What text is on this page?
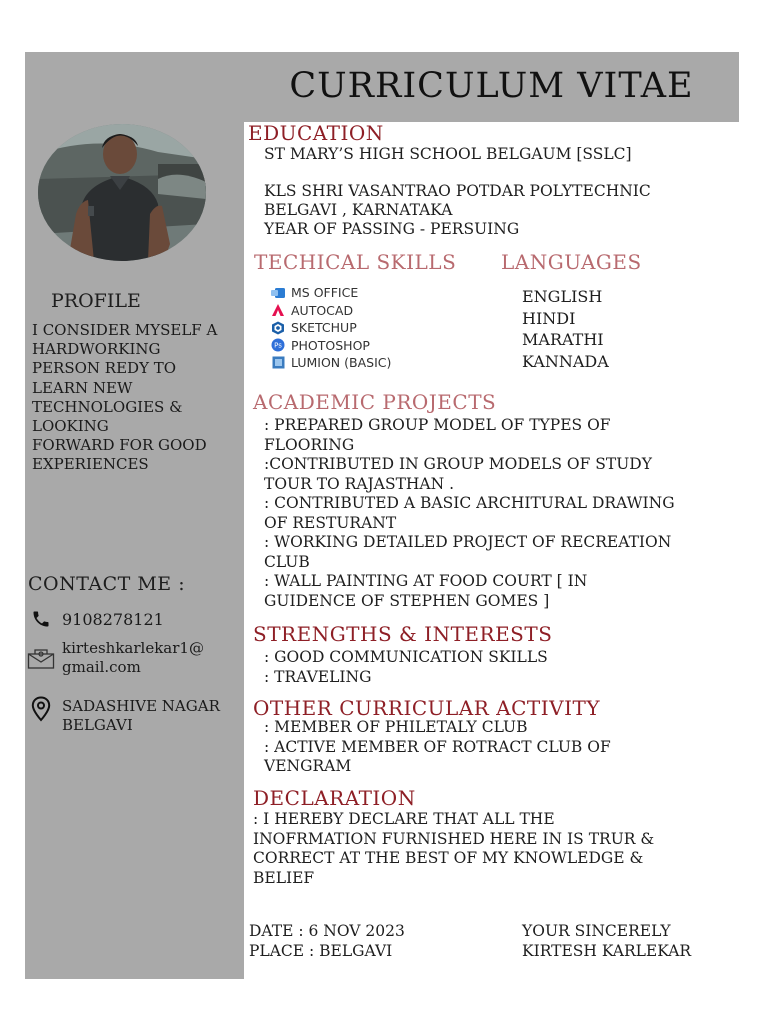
CURRICULUM VITAE
PROFILE
I CONSIDER MYSELF A
HARDWORKING
PERSON REDY TO
LEARN NEW
TECHNOLOGIES &
LOOKING
FORWARD FOR GOOD
EXPERIENCES
CONTACT ME :
9108278121
kirteshkarlekar1@
gmail.com
SADASHIVE NAGAR
BELGAVI
EDUCATION
ST MARY’S HIGH SCHOOL BELGAUM [SSLC]
KLS SHRI VASANTRAO POTDAR POLYTECHNIC
BELGAVI , KARNATAKA
YEAR OF PASSING - PERSUING
TECHICAL SKILLS
MS OFFICE
AUTOCAD
SKETCHUP
Ps PHOTOSHOP
LUMION (BASIC)
LANGUAGES
ENGLISH
HINDI
MARATHI
KANNADA
ACADEMIC PROJECTS
: PREPARED GROUP MODEL OF TYPES OF
FLOORING
:CONTRIBUTED IN GROUP MODELS OF STUDY
TOUR TO RAJASTHAN .
: CONTRIBUTED A BASIC ARCHITURAL DRAWING
OF RESTURANT
: WORKING DETAILED PROJECT OF RECREATION
CLUB
: WALL PAINTING AT FOOD COURT [ IN
GUIDENCE OF STEPHEN GOMES ]
STRENGTHS & INTERESTS
: GOOD COMMUNICATION SKILLS
: TRAVELING
OTHER CURRICULAR ACTIVITY
: MEMBER OF PHILETALY CLUB
: ACTIVE MEMBER OF ROTRACT CLUB OF
VENGRAM
DECLARATION
: I HEREBY DECLARE THAT ALL THE
INOFRMATION FURNISHED HERE IN IS TRUR &
CORRECT AT THE BEST OF MY KNOWLEDGE &
BELIEF
DATE : 6 NOV 2023
PLACE : BELGAVI
YOUR SINCERELY
KIRTESH KARLEKAR
